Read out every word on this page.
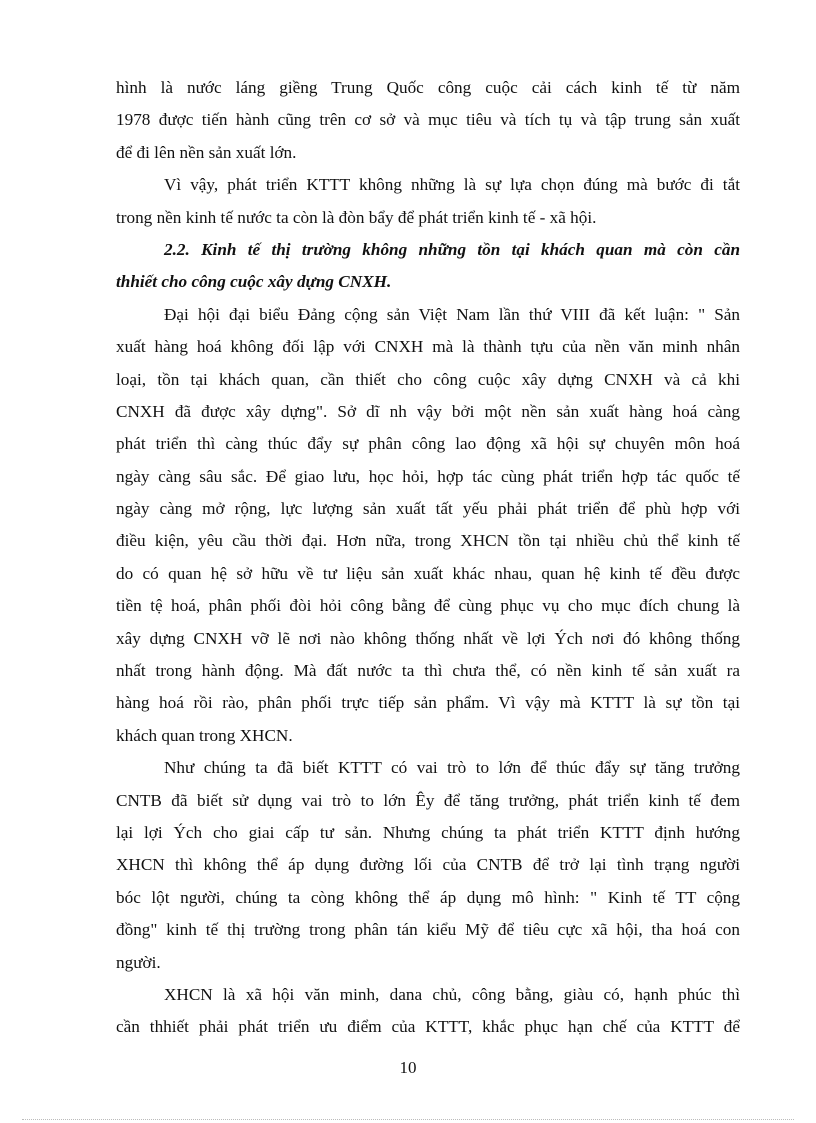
hình là nước láng giềng Trung Quốc công cuộc cải cách kinh tế từ năm
1978 được tiến hành cũng trên cơ sở và mục tiêu và tích tụ và tập trung sản xuất
để đi lên nền sản xuất lớn.
Vì vậy, phát triển KTTT không những là sự lựa chọn đúng mà bước đi tắt
trong nền kinh tế nước ta còn là đòn bẩy để phát triển kinh tế - xã hội.
2.2. Kinh tế thị trường không những tồn tại khách quan mà còn cần
thhiết cho công cuộc xây dựng CNXH.
Đại hội đại biểu Đảng cộng sản Việt Nam lần thứ VIII đã kết luận: " Sản
xuất hàng hoá không đối lập với CNXH mà là thành tựu của nền văn minh nhân
loại, tồn tại khách quan, cần thiết cho công cuộc xây dựng CNXH và cả khi
CNXH đã được xây dựng". Sở dĩ nh vậy bởi một nền sản xuất hàng hoá càng
phát triển thì càng thúc đẩy sự phân công lao động xã hội sự chuyên môn hoá
ngày càng sâu sắc. Để giao lưu, học hỏi, hợp tác cùng phát triển hợp tác quốc tế
ngày càng mở rộng, lực lượng sản xuất tất yếu phải phát triển để phù hợp với
điều kiện, yêu cầu thời đại. Hơn nữa, trong XHCN tồn tại nhiều chủ thể kinh tế
do có quan hệ sở hữu về tư liệu sản xuất khác nhau, quan hệ kinh tế đều được
tiền tệ hoá, phân phối đòi hỏi công bằng để cùng phục vụ cho mục đích chung là
xây dựng CNXH vỡ lẽ nơi nào không thống nhất về lợi Ých nơi đó không thống
nhất trong hành động. Mà đất nước ta thì chưa thể, có nền kinh tế sản xuất ra
hàng hoá rồi rào, phân phối trực tiếp sản phẩm. Vì vậy mà KTTT là sự tồn tại
khách quan trong XHCN.
Như chúng ta đã biết KTTT có vai trò to lớn để thúc đẩy sự tăng trưởng
CNTB đã biết sử dụng vai trò to lớn Êy để tăng trưởng, phát triển kinh tế đem
lại lợi Ých cho giai cấp tư sản. Nhưng chúng ta phát triển KTTT định hướng
XHCN thì không thể áp dụng đường lối của CNTB để trở lại tình trạng người
bóc lột người, chúng ta còng không thể áp dụng mô hình: " Kinh tế TT cộng
đồng" kinh tế thị trường trong phân tán kiểu Mỹ để tiêu cực xã hội, tha hoá con
người.
XHCN là xã hội văn minh, dana chủ, công bằng, giàu có, hạnh phúc thì
cần thhiết phải phát triển ưu điểm của KTTT, khắc phục hạn chế của KTTT để
10
